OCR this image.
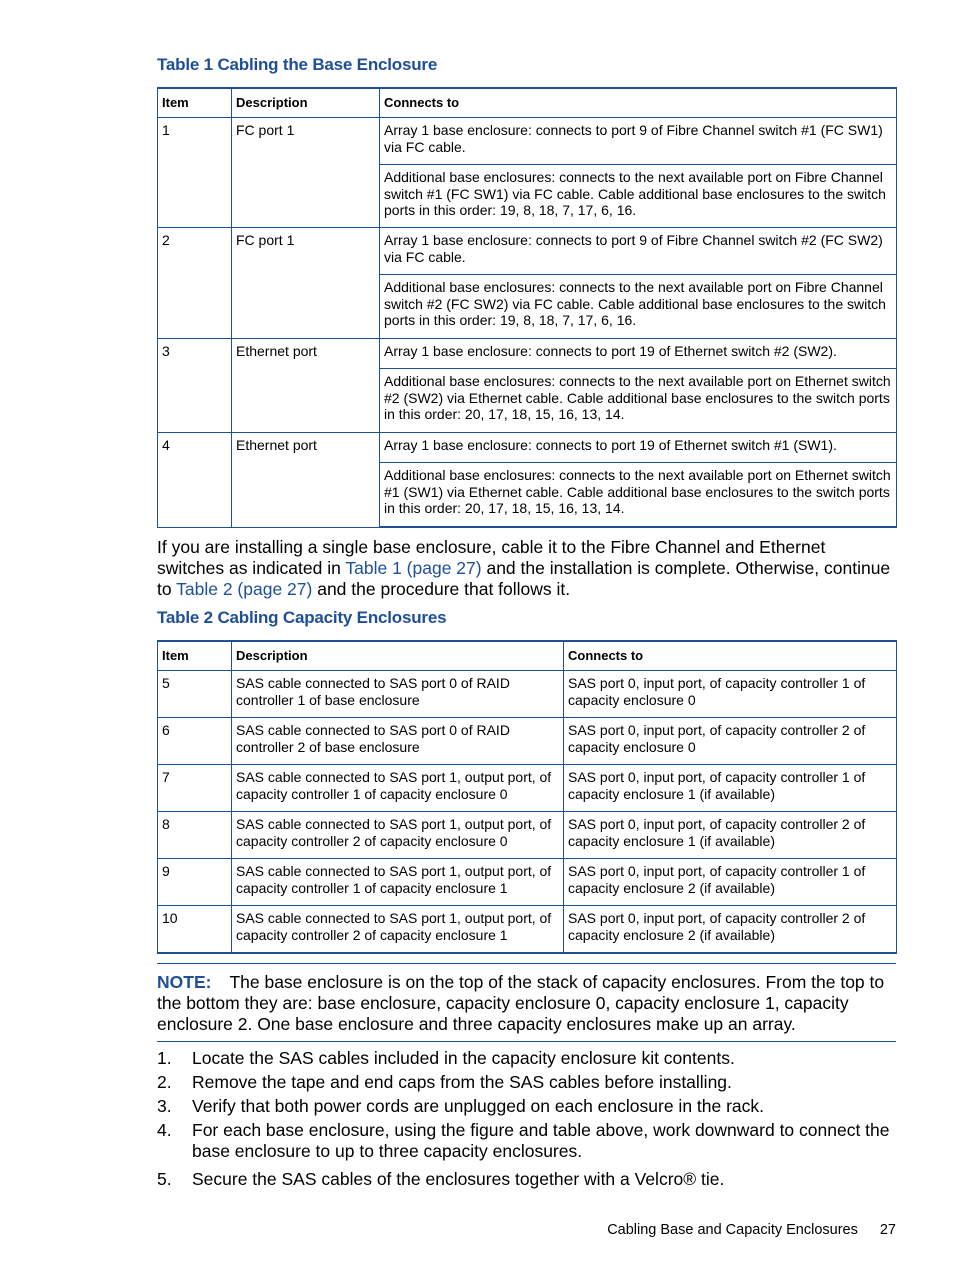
Table 1 Cabling the Base Enclosure
Item	Description	Connects to
1	FC port 1	Array 1 base enclosure: connects to port 9 of Fibre Channel switch #1 (FC SW1) via FC cable.
		Additional base enclosures: connects to the next available port on Fibre Channel switch #1 (FC SW1) via FC cable. Cable additional base enclosures to the switch ports in this order: 19, 8, 18, 7, 17, 6, 16.
2	FC port 1	Array 1 base enclosure: connects to port 9 of Fibre Channel switch #2 (FC SW2) via FC cable.
		Additional base enclosures: connects to the next available port on Fibre Channel switch #2 (FC SW2) via FC cable. Cable additional base enclosures to the switch ports in this order: 19, 8, 18, 7, 17, 6, 16.
3	Ethernet port	Array 1 base enclosure: connects to port 19 of Ethernet switch #2 (SW2).
		Additional base enclosures: connects to the next available port on Ethernet switch #2 (SW2) via Ethernet cable. Cable additional base enclosures to the switch ports in this order: 20, 17, 18, 15, 16, 13, 14.
4	Ethernet port	Array 1 base enclosure: connects to port 19 of Ethernet switch #1 (SW1).
		Additional base enclosures: connects to the next available port on Ethernet switch #1 (SW1) via Ethernet cable. Cable additional base enclosures to the switch ports in this order: 20, 17, 18, 15, 16, 13, 14.
If you are installing a single base enclosure, cable it to the Fibre Channel and Ethernet switches as indicated in Table 1 (page 27) and the installation is complete. Otherwise, continue to Table 2 (page 27) and the procedure that follows it.
Table 2 Cabling Capacity Enclosures
Item	Description	Connects to
5	SAS cable connected to SAS port 0 of RAID controller 1 of base enclosure	SAS port 0, input port, of capacity controller 1 of capacity enclosure 0
6	SAS cable connected to SAS port 0 of RAID controller 2 of base enclosure	SAS port 0, input port, of capacity controller 2 of capacity enclosure 0
7	SAS cable connected to SAS port 1, output port, of capacity controller 1 of capacity enclosure 0	SAS port 0, input port, of capacity controller 1 of capacity enclosure 1 (if available)
8	SAS cable connected to SAS port 1, output port, of capacity controller 2 of capacity enclosure 0	SAS port 0, input port, of capacity controller 2 of capacity enclosure 1 (if available)
9	SAS cable connected to SAS port 1, output port, of capacity controller 1 of capacity enclosure 1	SAS port 0, input port, of capacity controller 1 of capacity enclosure 2 (if available)
10	SAS cable connected to SAS port 1, output port, of capacity controller 2 of capacity enclosure 1	SAS port 0, input port, of capacity controller 2 of capacity enclosure 2 (if available)
NOTE: The base enclosure is on the top of the stack of capacity enclosures. From the top to the bottom they are: base enclosure, capacity enclosure 0, capacity enclosure 1, capacity enclosure 2. One base enclosure and three capacity enclosures make up an array.
1. Locate the SAS cables included in the capacity enclosure kit contents.
2. Remove the tape and end caps from the SAS cables before installing.
3. Verify that both power cords are unplugged on each enclosure in the rack.
4. For each base enclosure, using the figure and table above, work downward to connect the base enclosure to up to three capacity enclosures.
5. Secure the SAS cables of the enclosures together with a Velcro® tie.
Cabling Base and Capacity Enclosures 27
